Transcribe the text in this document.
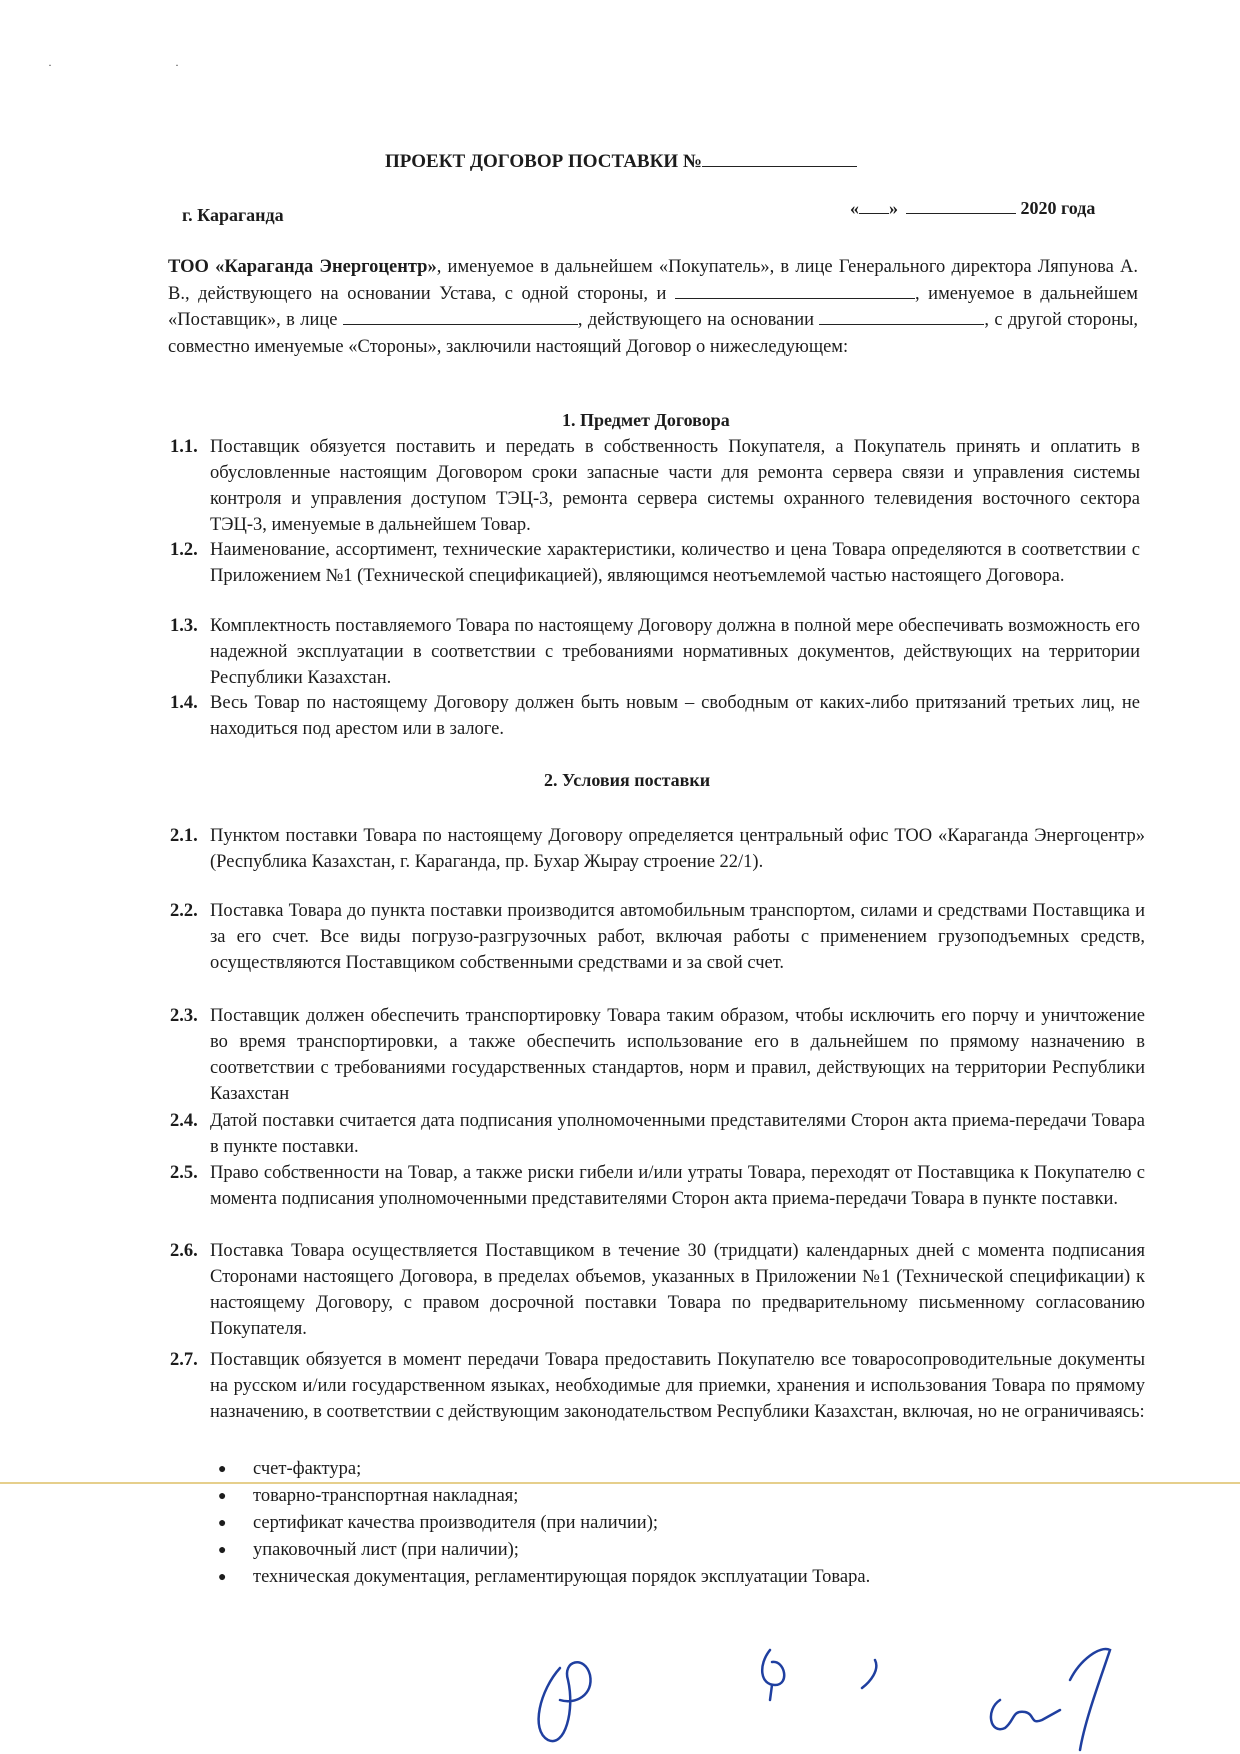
· ·
ПРОЕКТ ДОГОВОР ПОСТАВКИ №
г. Караганда	« »	2020 года
ТОО «Караганда Энергоцентр», именуемое в дальнейшем «Покупатель», в лице Генерального директора Ляпунова А. В., действующего на основании Устава, с одной стороны, и	, именуемое в дальнейшем «Поставщик», в лице	, действующего на основании	, с другой стороны, совместно именуемые «Стороны», заключили настоящий Договор о нижеследующем:
1. Предмет Договора
1.1. Поставщик обязуется поставить и передать в собственность Покупателя, а Покупатель принять и оплатить в обусловленные настоящим Договором сроки запасные части для ремонта сервера связи и управления системы контроля и управления доступом ТЭЦ-3, ремонта сервера системы охранного телевидения восточного сектора ТЭЦ-3, именуемые в дальнейшем Товар.
1.2. Наименование, ассортимент, технические характеристики, количество и цена Товара определяются в соответствии с Приложением №1 (Технической спецификацией), являющимся неотъемлемой частью настоящего Договора.
1.3. Комплектность поставляемого Товара по настоящему Договору должна в полной мере обеспечивать возможность его надежной эксплуатации в соответствии с требованиями нормативных документов, действующих на территории Республики Казахстан.
1.4. Весь Товар по настоящему Договору должен быть новым – свободным от каких-либо притязаний третьих лиц, не находиться под арестом или в залоге.
2. Условия поставки
2.1. Пунктом поставки Товара по настоящему Договору определяется центральный офис ТОО «Караганда Энергоцентр» (Республика Казахстан, г. Караганда, пр. Бухар Жырау строение 22/1).
2.2. Поставка Товара до пункта поставки производится автомобильным транспортом, силами и средствами Поставщика и за его счет. Все виды погрузо-разгрузочных работ, включая работы с применением грузоподъемных средств, осуществляются Поставщиком собственными средствами и за свой счет.
2.3. Поставщик должен обеспечить транспортировку Товара таким образом, чтобы исключить его порчу и уничтожение во время транспортировки, а также обеспечить использование его в дальнейшем по прямому назначению в соответствии с требованиями государственных стандартов, норм и правил, действующих на территории Республики Казахстан
2.4. Датой поставки считается дата подписания уполномоченными представителями Сторон акта приема-передачи Товара в пункте поставки.
2.5. Право собственности на Товар, а также риски гибели и/или утраты Товара, переходят от Поставщика к Покупателю с момента подписания уполномоченными представителями Сторон акта приема-передачи Товара в пункте поставки.
2.6. Поставка Товара осуществляется Поставщиком в течение 30 (тридцати) календарных дней с момента подписания Сторонами настоящего Договора, в пределах объемов, указанных в Приложении №1 (Технической спецификации) к настоящему Договору, с правом досрочной поставки Товара по предварительному письменному согласованию Покупателя.
2.7. Поставщик обязуется в момент передачи Товара предоставить Покупателю все товаросопроводительные документы на русском и/или государственном языках, необходимые для приемки, хранения и использования Товара по прямому назначению, в соответствии с действующим законодательством Республики Казахстан, включая, но не ограничиваясь:
●	счет-фактура;
●	товарно-транспортная накладная;
●	сертификат качества производителя (при наличии);
●	упаковочный лист (при наличии);
●	техническая документация, регламентирующая порядок эксплуатации Товара.
